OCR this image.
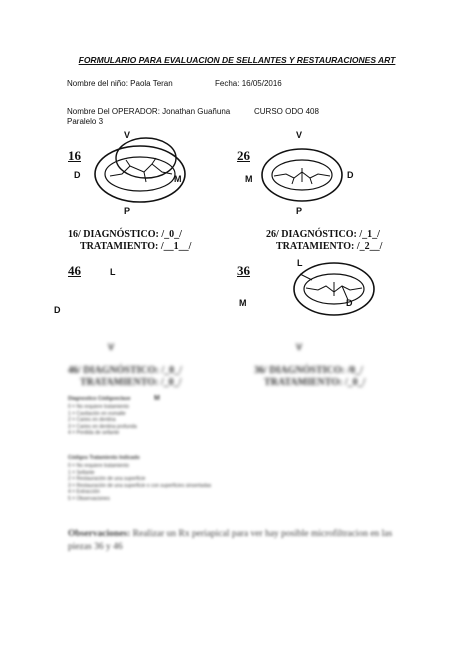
FORMULARIO PARA EVALUACION DE SELLANTES Y RESTAURACIONES ART
Nombre del niño: Paola Teran	Fecha: 16/05/2016
Nombre Del OPERADOR: Jonathan Guañuna	CURSO ODO 408
Paralelo 3
16
V
D	M
P
26
V
M	D
P
16/ DIAGNÓSTICO: /_0_/
TRATAMIENTO: /__1__/
26/ DIAGNÓSTICO: /_1_/
TRATAMIENTO: /_2__/
46	L
D
36	L
M	D
V	V
46/ DIAGNÓSTICO: /_0_/
TRATAMIENTO: /_0_/
36/ DIAGNÓSTICO: /0_/
TRATAMIENTO: /_0_/
Diagnostico Códigoeclase
0 = No requiere tratamiento
1 = Cavitación en esmalte
2 = Caries en dentina
3 = Caries en dentina profunda
4 = Perdida de sellante
M
Códigos Tratamiento Indicado
0 = No requiere tratamiento
1 = Sellante
2 = Restauración de una superficie
3 = Restauración de una superficie o con superficies sinsertadas
4 = Extracción
5 = Observaciones
Observaciones: Realizar un Rx periapical para ver hay posible microfiltracion en las piezas 36 y 46
